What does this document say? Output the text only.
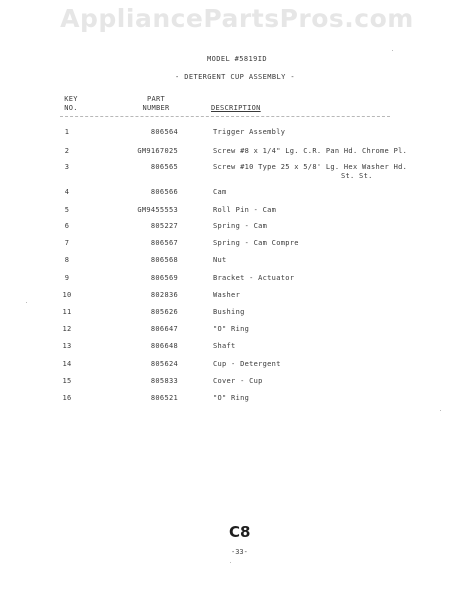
AppliancePartsPros.com
MODEL #5819ID
- DETERGENT CUP ASSEMBLY -
KEY
NO.
PART
NUMBER	DESCRIPTION
1	806564	Trigger Assembly
2	GM9167025	Screw #8 x 1/4" Lg. C.R. Pan Hd. Chrome Pl.
3	806565	Screw #10 Type 25 x 5/8' Lg. Hex Washer Hd.
St. St.
4	806566	Cam
5	GM9455553	Roll Pin - Cam
6	805227	Spring - Cam
7	806567	Spring - Cam Compre
8	806568	Nut
9	806569	Bracket - Actuator
10	802836	Washer
11	805626	Bushing
12	806647	"O" Ring
13	806648	Shaft
14	805624	Cup - Detergent
15	805833	Cover - Cup
16	806521	"O" Ring
C8
-33-
